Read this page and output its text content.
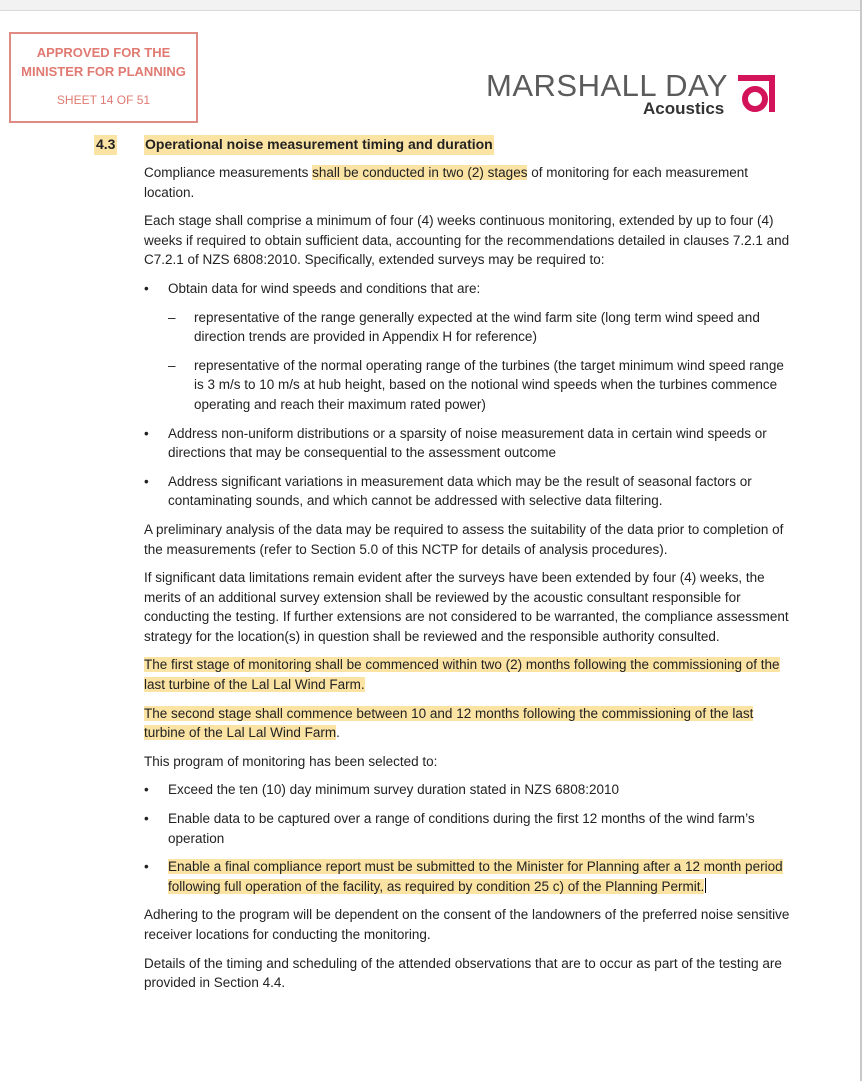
APPROVED FOR THE
MINISTER FOR PLANNING
SHEET 14 OF 51	MARSHALL DAY
Acoustics
4.3 Operational noise measurement timing and duration

Compliance measurements shall be conducted in two (2) stages of monitoring for each measurement location.

Each stage shall comprise a minimum of four (4) weeks continuous monitoring, extended by up to four (4) weeks if required to obtain sufficient data, accounting for the recommendations detailed in clauses 7.2.1 and C7.2.1 of NZS 6808:2010. Specifically, extended surveys may be required to:

• Obtain data for wind speeds and conditions that are:
– representative of the range generally expected at the wind farm site (long term wind speed and direction trends are provided in Appendix H for reference)
– representative of the normal operating range of the turbines (the target minimum wind speed range is 3 m/s to 10 m/s at hub height, based on the notional wind speeds when the turbines commence operating and reach their maximum rated power)
• Address non-uniform distributions or a sparsity of noise measurement data in certain wind speeds or directions that may be consequential to the assessment outcome
• Address significant variations in measurement data which may be the result of seasonal factors or contaminating sounds, and which cannot be addressed with selective data filtering.

A preliminary analysis of the data may be required to assess the suitability of the data prior to completion of the measurements (refer to Section 5.0 of this NCTP for details of analysis procedures).

If significant data limitations remain evident after the surveys have been extended by four (4) weeks, the merits of an additional survey extension shall be reviewed by the acoustic consultant responsible for conducting the testing. If further extensions are not considered to be warranted, the compliance assessment strategy for the location(s) in question shall be reviewed and the responsible authority consulted.

The first stage of monitoring shall be commenced within two (2) months following the commissioning of the last turbine of the Lal Lal Wind Farm.

The second stage shall commence between 10 and 12 months following the commissioning of the last turbine of the Lal Lal Wind Farm.

This program of monitoring has been selected to:

• Exceed the ten (10) day minimum survey duration stated in NZS 6808:2010
• Enable data to be captured over a range of conditions during the first 12 months of the wind farm’s operation
• Enable a final compliance report must be submitted to the Minister for Planning after a 12 month period following full operation of the facility, as required by condition 25 c) of the Planning Permit.

Adhering to the program will be dependent on the consent of the landowners of the preferred noise sensitive receiver locations for conducting the monitoring.

Details of the timing and scheduling of the attended observations that are to occur as part of the testing are provided in Section 4.4.
